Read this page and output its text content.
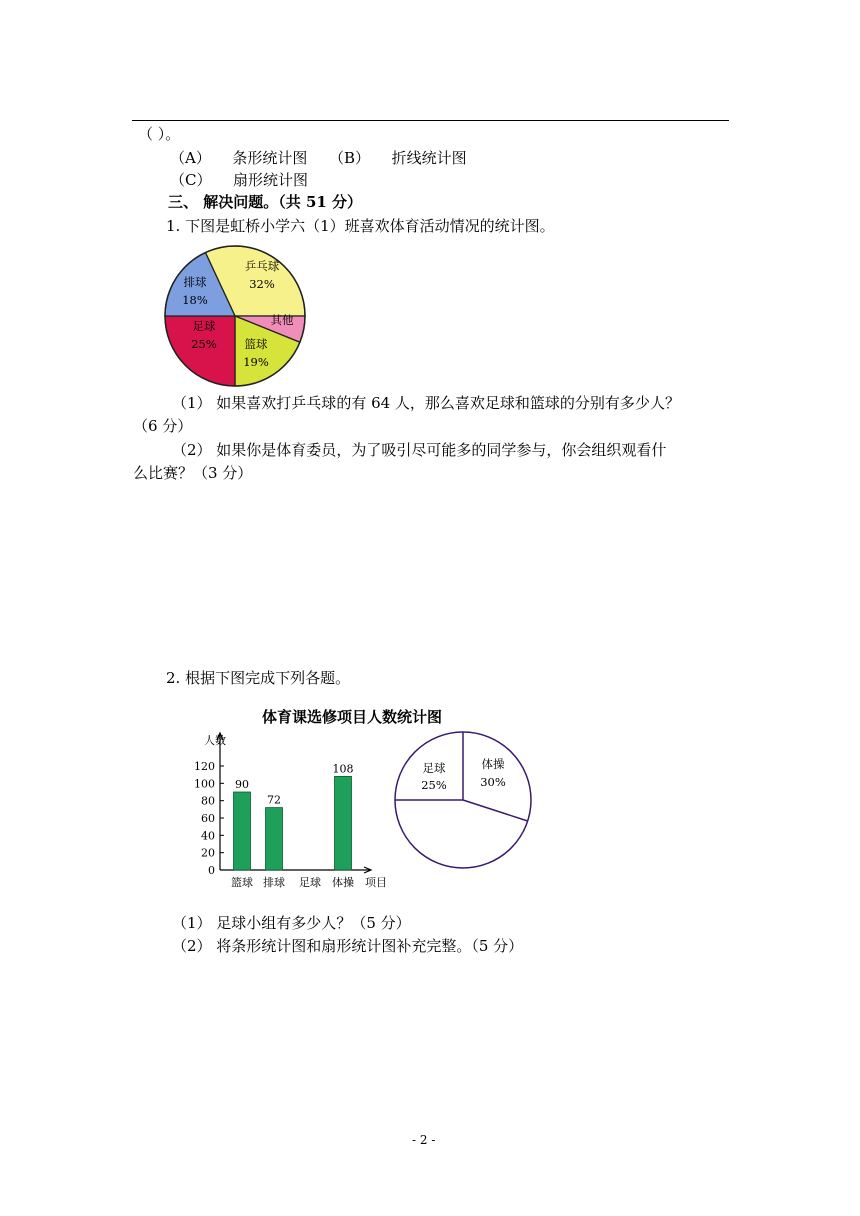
（ ）。
（A） 条形统计图 （B） 折线统计图
（C） 扇形统计图
三、 解决问题。（共 51 分）
1. 下图是虹桥小学六（1）班喜欢体育活动情况的统计图。
乒乓球
32%
其他
篮球
19%
足球
25%
排球
18%
（1） 如果喜欢打乒乓球的有 64 人，那么喜欢足球和篮球的分别有多少人？
（6 分）
（2） 如果你是体育委员，为了吸引尽可能多的同学参与，你会组织观看什
么比赛？（3 分）
2. 根据下图完成下列各题。
体育课选修项目人数统计图
人数
0
20
40
60
80
100
120
90
篮球
72
排球 足球
108
体操 项目
足球
25%
体操
30%
（1） 足球小组有多少人？（5 分）
（2） 将条形统计图和扇形统计图补充完整。（5 分）
- 2 -
